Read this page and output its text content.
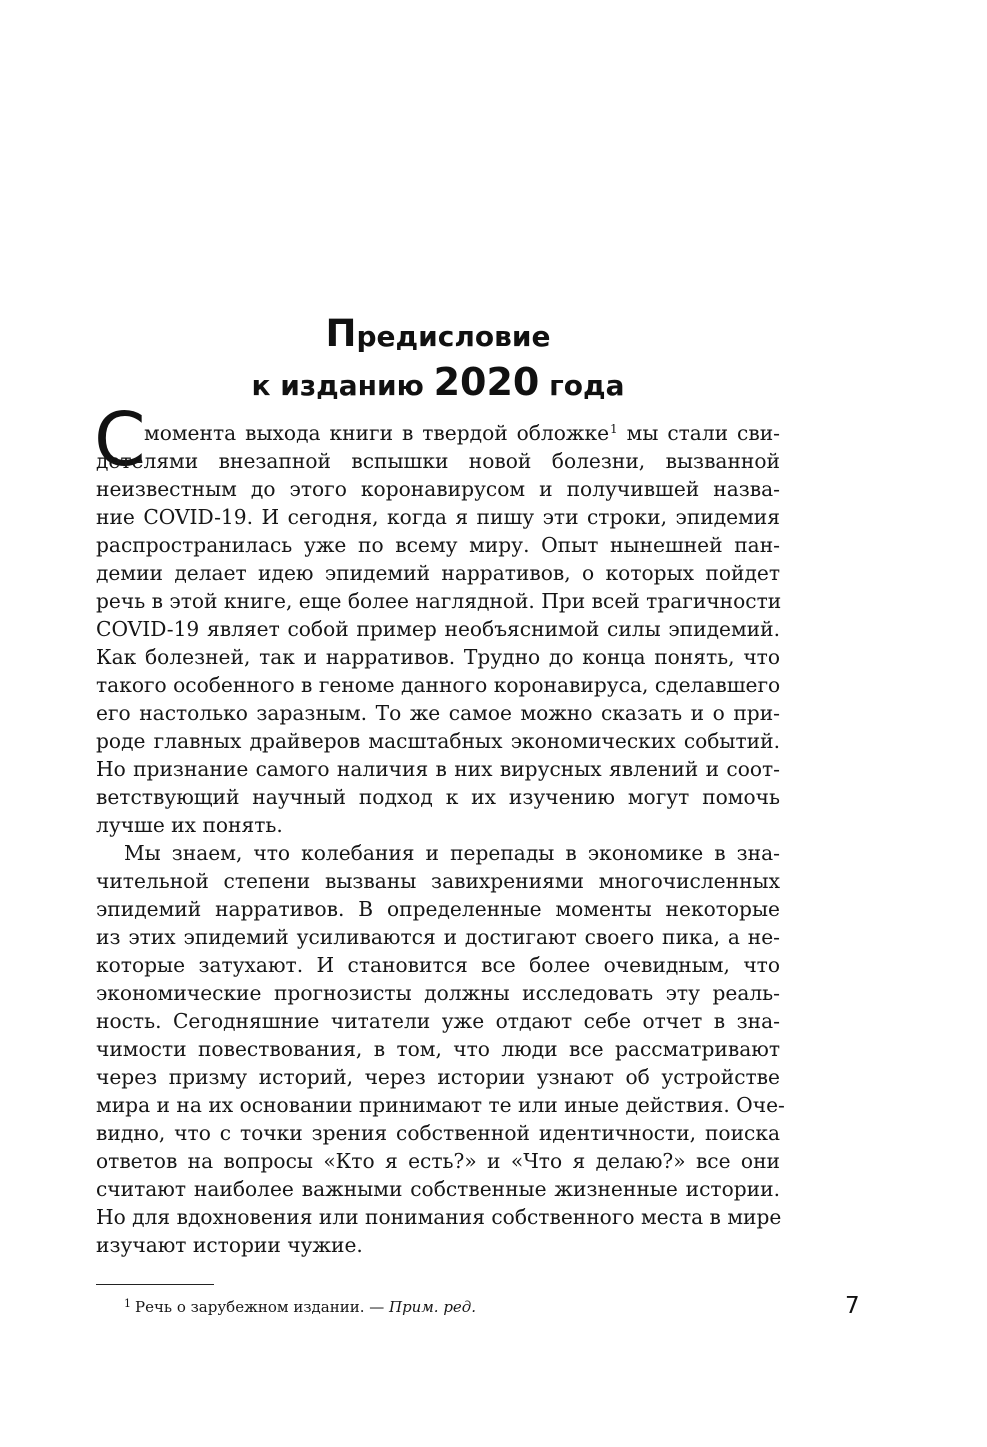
Предисловие
к изданию 2020 года
С
момента выхода книги в твердой обложке$^1$ мы стали сви-
детелями внезапной вспышки новой болезни, вызванной
неизвестным до этого коронавирусом и получившей назва-
ние COVID-19. И сегодня, когда я пишу эти строки, эпидемия
распространилась уже по всему миру. Опыт нынешней пан-
демии делает идею эпидемий нарративов, о которых пойдет
речь в этой книге, еще более наглядной. При всей трагичности
COVID-19 являет собой пример необъяснимой силы эпидемий.
Как болезней, так и нарративов. Трудно до конца понять, что
такого особенного в геноме данного коронавируса, сделавшего
его настолько заразным. То же самое можно сказать и о при-
роде главных драйверов масштабных экономических событий.
Но признание самого наличия в них вирусных явлений и соот-
ветствующий научный подход к их изучению могут помочь
лучше их понять.
Мы знаем, что колебания и перепады в экономике в зна-
чительной степени вызваны завихрениями многочисленных
эпидемий нарративов. В определенные моменты некоторые
из этих эпидемий усиливаются и достигают своего пика, а не-
которые затухают. И становится все более очевидным, что
экономические прогнозисты должны исследовать эту реаль-
ность. Сегодняшние читатели уже отдают себе отчет в зна-
чимости повествования, в том, что люди все рассматривают
через призму историй, через истории узнают об устройстве
мира и на их основании принимают те или иные действия. Оче-
видно, что с точки зрения собственной идентичности, поиска
ответов на вопросы «Кто я есть?» и «Что я делаю?» все они
считают наиболее важными собственные жизненные истории.
Но для вдохновения или понимания собственного места в мире
изучают истории чужие.
$^1$ Речь о зарубежном издании. — Прим. ред.	7
